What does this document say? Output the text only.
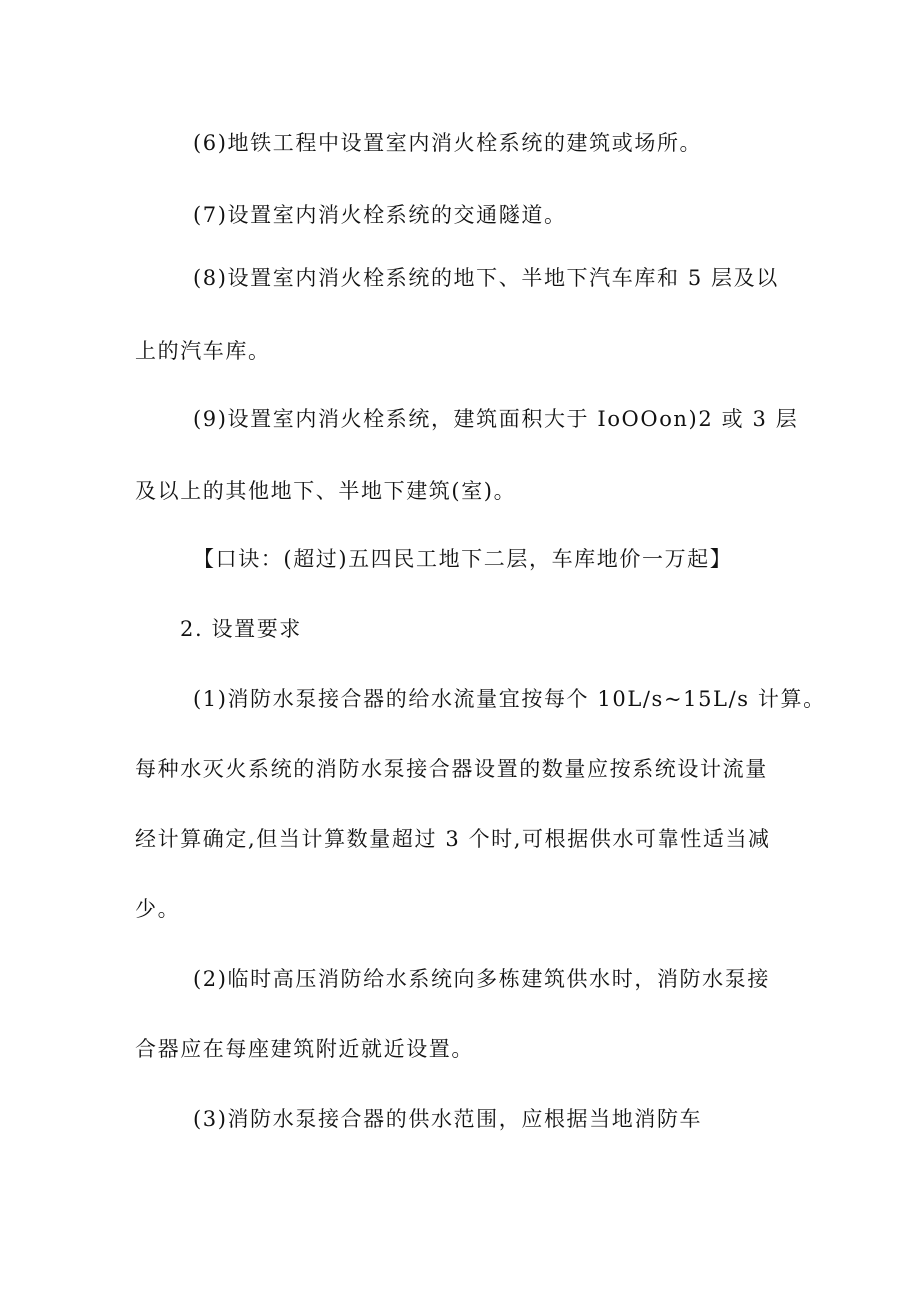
(6)地铁工程中设置室内消火栓系统的建筑或场所。
(7)设置室内消火栓系统的交通隧道。
(8)设置室内消火栓系统的地下、半地下汽车库和 5 层及以
上的汽车库。
(9)设置室内消火栓系统，建筑面积大于 IoOOon)2 或 3 层
及以上的其他地下、半地下建筑(室)。
【口诀：(超过)五四民工地下二层，车库地价一万起】
2. 设置要求
(1)消防水泵接合器的给水流量宜按每个 10L∕s~15L∕s 计算。
每种水灭火系统的消防水泵接合器设置的数量应按系统设计流量
经计算确定,但当计算数量超过 3 个时,可根据供水可靠性适当减
少。
(2)临时高压消防给水系统向多栋建筑供水时，消防水泵接
合器应在每座建筑附近就近设置。
(3)消防水泵接合器的供水范围，应根据当地消防车
